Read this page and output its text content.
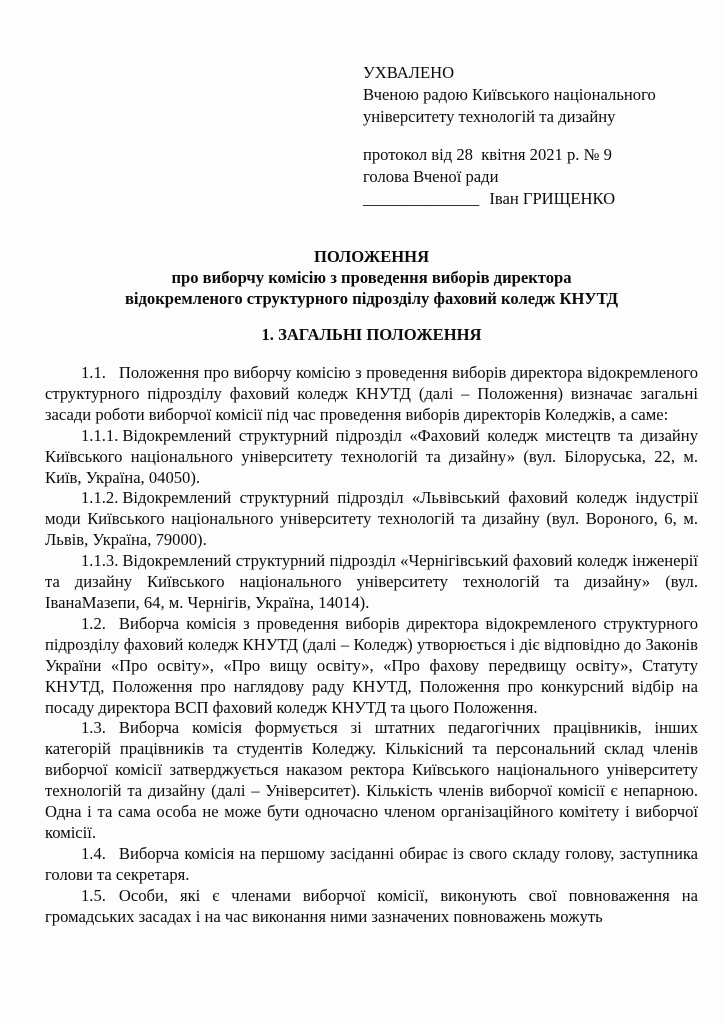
УХВАЛЕНО
Вченою радою Київського національного
університету технологій та дизайну
протокол від 28  квітня 2021 р. № 9
голова Вченої ради
______________ Іван ГРИЩЕНКО
ПОЛОЖЕННЯ
про виборчу комісію з проведення виборів директора
відокремленого структурного підрозділу фаховий коледж КНУТД
1. ЗАГАЛЬНІ ПОЛОЖЕННЯ

1.1. Положення про виборчу комісію з проведення виборів директора відокремленого структурного підрозділу фаховий коледж КНУТД (далі – Положення) визначає загальні засади роботи виборчої комісії під час проведення виборів директорів Коледжів, а саме:

1.1.1. Відокремлений структурний підрозділ «Фаховий коледж мистецтв та дизайну Київського національного університету технологій та дизайну» (вул. Білоруська, 22, м. Київ, Україна, 04050).

1.1.2. Відокремлений структурний підрозділ «Львівський фаховий коледж індустрії моди Київського національного університету технологій та дизайну (вул. Вороного, 6, м. Львів, Україна, 79000).

1.1.3. Відокремлений структурний підрозділ «Чернігівський фаховий коледж інженерії та дизайну Київського національного університету технологій та дизайну» (вул. ІванаМазепи, 64, м. Чернігів, Україна, 14014).

1.2. Виборча комісія з проведення виборів директора відокремленого структурного підрозділу фаховий коледж КНУТД (далі – Коледж) утворюється і діє відповідно до Законів України «Про освіту», «Про вищу освіту», «Про фахову передвищу освіту», Статуту КНУТД, Положення про наглядову раду КНУТД, Положення про конкурсний відбір на посаду директора ВСП фаховий коледж КНУТД та цього Положення.

1.3. Виборча комісія формується зі штатних педагогічних працівників, інших категорій працівників та студентів Коледжу. Кількісний та персональний склад членів виборчої комісії затверджується наказом ректора Київського національного університету технологій та дизайну (далі – Університет). Кількість членів виборчої комісії є непарною. Одна і та сама особа не може бути одночасно членом організаційного комітету і виборчої комісії.

1.4. Виборча комісія на першому засіданні обирає із свого складу голову, заступника голови та секретаря.

1.5. Особи, які є членами виборчої комісії, виконують свої повноваження на громадських засадах і на час виконання ними зазначених повноважень можуть
